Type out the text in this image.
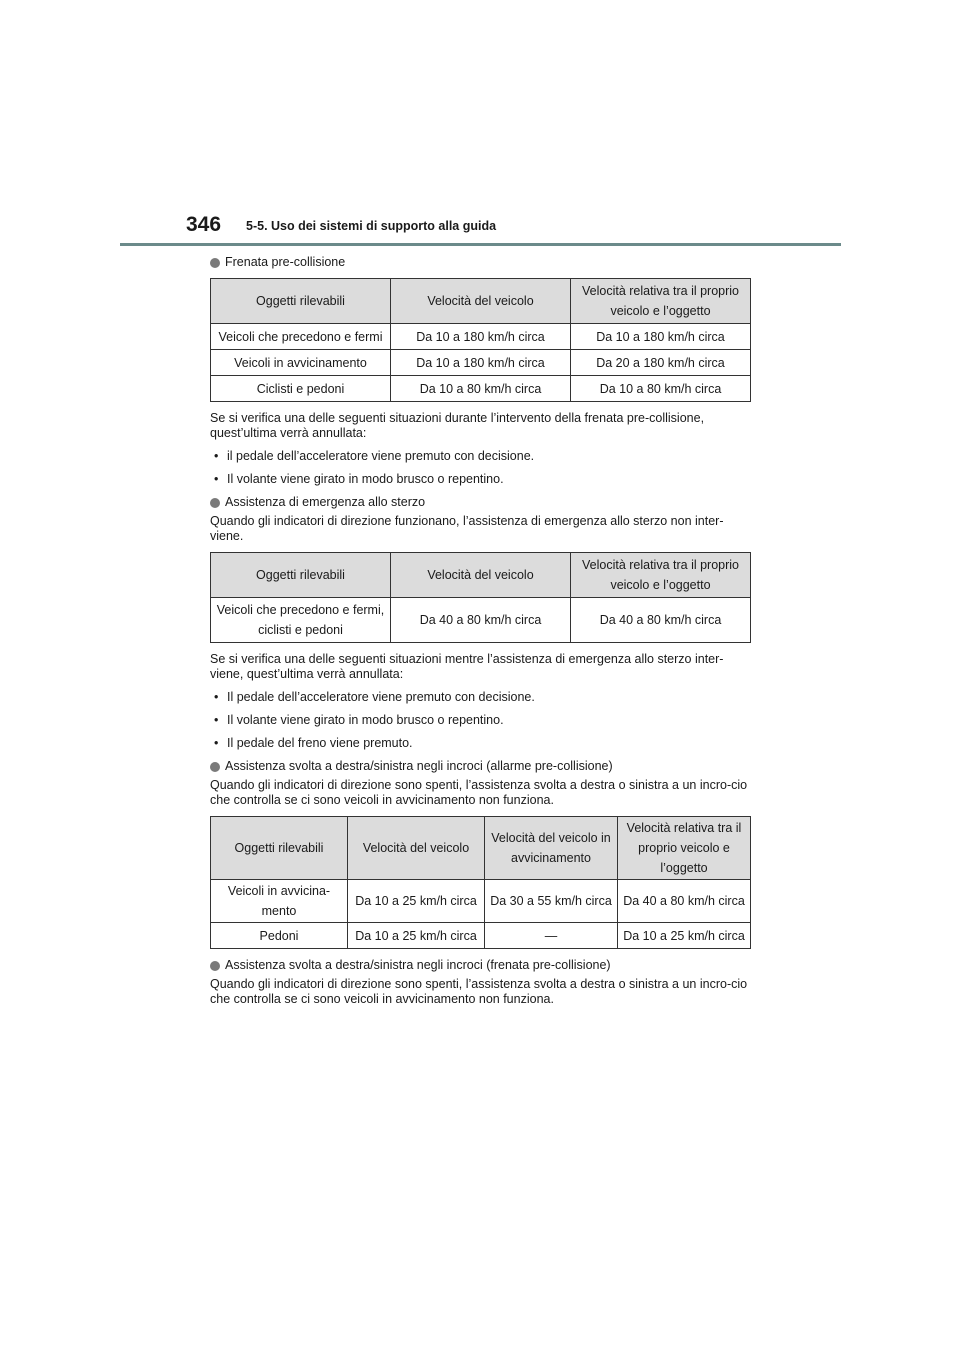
346 5-5. Uso dei sistemi di supporto alla guida
Frenata pre-collisione
Oggetti rilevabili	Velocità del veicolo	Velocità relativa tra il proprio veicolo e l’oggetto
Veicoli che precedono e fermi	Da 10 a 180 km/h circa	Da 10 a 180 km/h circa
Veicoli in avvicinamento	Da 10 a 180 km/h circa	Da 20 a 180 km/h circa
Ciclisti e pedoni	Da 10 a 80 km/h circa	Da 10 a 80 km/h circa

Se si verifica una delle seguenti situazioni durante l’intervento della frenata pre-collisione, quest’ultima verrà annullata:

• il pedale dell’acceleratore viene premuto con decisione.

• Il volante viene girato in modo brusco o repentino.

Assistenza di emergenza allo sterzo

Quando gli indicatori di direzione funzionano, l’assistenza di emergenza allo sterzo non inter-viene.

Oggetti rilevabili	Velocità del veicolo	Velocità relativa tra il proprio veicolo e l’oggetto
Veicoli che precedono e fermi, ciclisti e pedoni	Da 40 a 80 km/h circa	Da 40 a 80 km/h circa

Se si verifica una delle seguenti situazioni mentre l’assistenza di emergenza allo sterzo inter-viene, quest’ultima verrà annullata:

• Il pedale dell’acceleratore viene premuto con decisione.

• Il volante viene girato in modo brusco o repentino.

• Il pedale del freno viene premuto.

Assistenza svolta a destra/sinistra negli incroci (allarme pre-collisione)

Quando gli indicatori di direzione sono spenti, l’assistenza svolta a destra o sinistra a un incro-cio che controlla se ci sono veicoli in avvicinamento non funziona.

Oggetti rilevabili	Velocità del veicolo	Velocità del veicolo in avvicinamento	Velocità relativa tra il proprio veicolo e l’oggetto
Veicoli in avvicina-mento	Da 10 a 25 km/h circa	Da 30 a 55 km/h circa	Da 40 a 80 km/h circa
Pedoni	Da 10 a 25 km/h circa	—	Da 10 a 25 km/h circa
Assistenza svolta a destra/sinistra negli incroci (frenata pre-collisione)

Quando gli indicatori di direzione sono spenti, l’assistenza svolta a destra o sinistra a un incro-cio che controlla se ci sono veicoli in avvicinamento non funziona.
